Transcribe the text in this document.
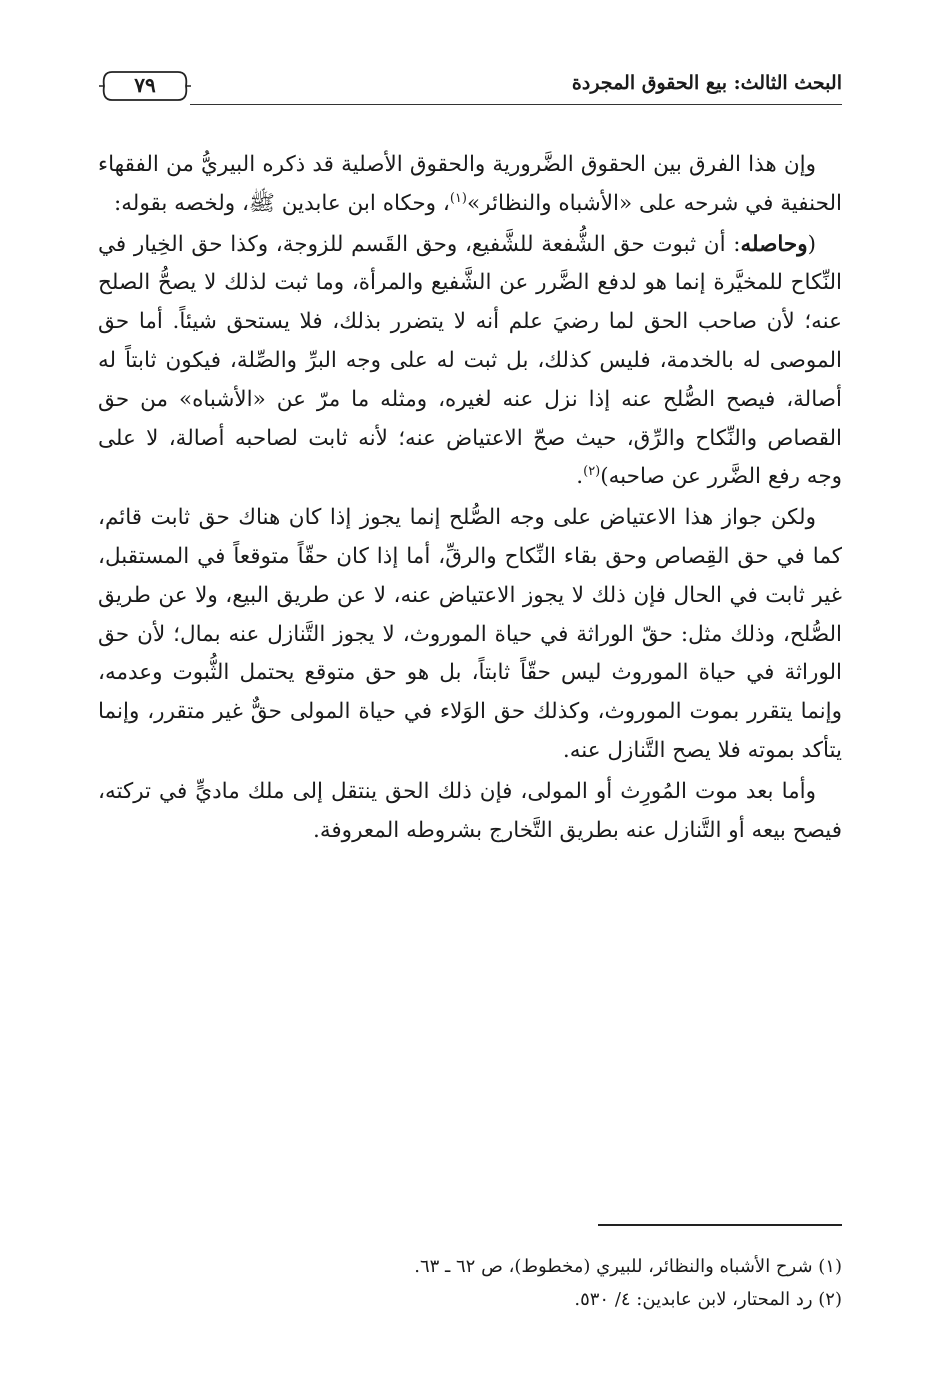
البحث الثالث: بيع الحقوق المجردة
٧٩

وإن هذا الفرق بين الحقوق الضَّرورية والحقوق الأصلية قد ذكره البيريُّ من الفقهاء الحنفية في شرحه على «الأشباه والنظائر»$^{(١)}$، وحكاه ابن عابدين ﷺ، ولخصه بقوله:

(وحاصله: أن ثبوت حق الشُّفعة للشَّفيع، وحق القَسم للزوجة، وكذا حق الخِيار في النِّكاح للمخيَّرة إنما هو لدفع الضَّرر عن الشَّفيع والمرأة، وما ثبت لذلك لا يصحُّ الصلح عنه؛ لأن صاحب الحق لما رضيَ علم أنه لا يتضرر بذلك، فلا يستحق شيئاً. أما حق الموصى له بالخدمة، فليس كذلك، بل ثبت له على وجه البرِّ والصِّلة، فيكون ثابتاً له أصالة، فيصح الصُّلح عنه إذا نزل عنه لغيره، ومثله ما مرّ عن «الأشباه» من حق القصاص والنِّكاح والرِّق، حيث صحّ الاعتياض عنه؛ لأنه ثابت لصاحبه أصالة، لا على وجه رفع الضَّرر عن صاحبه)$^{(٢)}$.

ولكن جواز هذا الاعتياض على وجه الصُّلح إنما يجوز إذا كان هناك حق ثابت قائم، كما في حق القِصاص وحق بقاء النِّكاح والرقِّ، أما إذا كان حقّاً متوقعاً في المستقبل، غير ثابت في الحال فإن ذلك لا يجوز الاعتياض عنه، لا عن طريق البيع، ولا عن طريق الصُّلح، وذلك مثل: حقّ الوراثة في حياة الموروث، لا يجوز التَّنازل عنه بمال؛ لأن حق الوراثة في حياة الموروث ليس حقّاً ثابتاً، بل هو حق متوقع يحتمل الثُّبوت وعدمه، وإنما يتقرر بموت الموروث، وكذلك حق الوَلاء في حياة المولى حقٌّ غير متقرر، وإنما يتأكد بموته فلا يصح التَّنازل عنه.

وأما بعد موت المُورِث أو المولى، فإن ذلك الحق ينتقل إلى ملك ماديٍّ في تركته، فيصح بيعه أو التَّنازل عنه بطريق التَّخارج بشروطه المعروفة.

(١) شرح الأشباه والنظائر، للبيري (مخطوط)، ص ٦٢ ـ ٦٣.
(٢) رد المحتار، لابن عابدين: ٤/ ٥٣٠.
